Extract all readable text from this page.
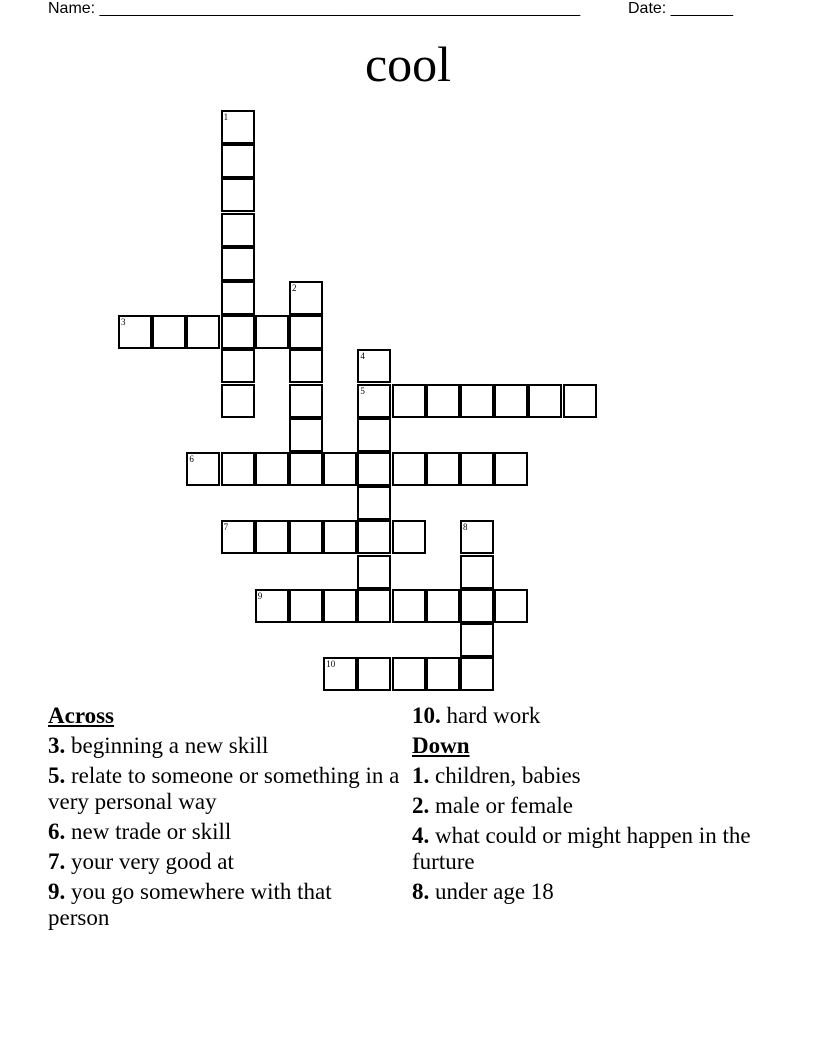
Name: ______________________________________________________	Date: _______
cool
1
2
3
4
5
6
7	8
9
10
Across
3. beginning a new skill
5. relate to someone or something in a very personal way
6. new trade or skill
7. your very good at
9. you go somewhere with that person
10. hard work
Down
1. children, babies
2. male or female
4. what could or might happen in the furture
8. under age 18
